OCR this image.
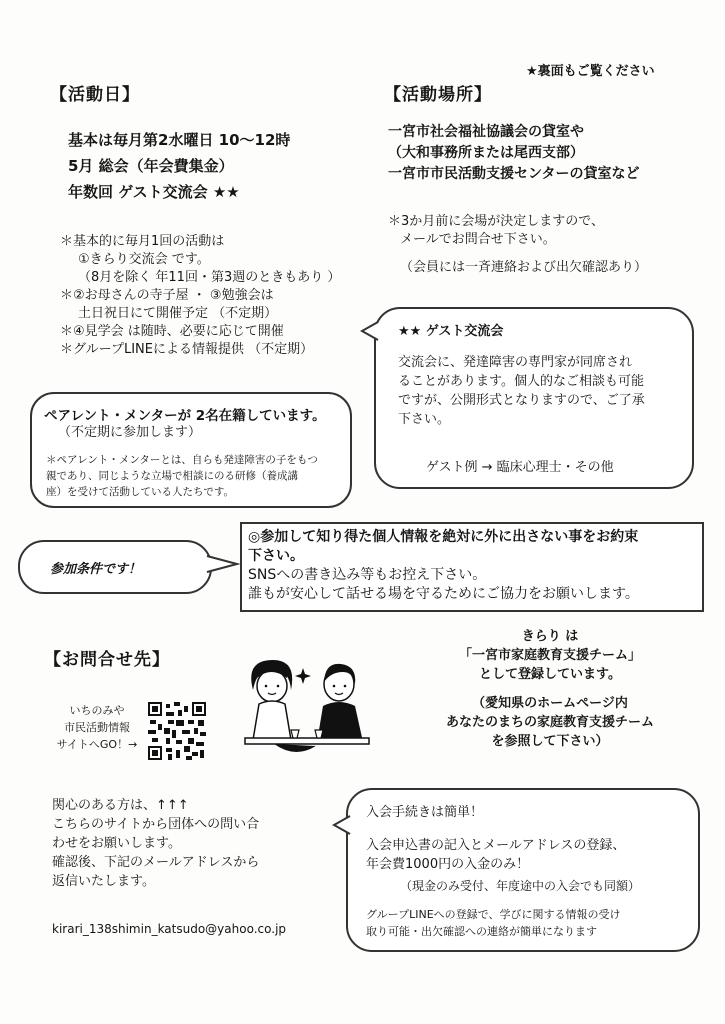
★裏面もご覧ください
【活動日】
基本は毎月第2水曜日 10～12時
5月 総会（年会費集金）
年数回 ゲスト交流会 ★★
＊基本的に毎月1回の活動は
①きらり交流会 です。
（8月を除く 年11回・第3週のときもあり ）
＊②お母さんの寺子屋 ・ ③勉強会は
土日祝日にて開催予定 （不定期）
＊④見学会 は随時、必要に応じて開催
＊グループLINEによる情報提供 （不定期）
【活動場所】
一宮市社会福祉協議会の貸室や
（大和事務所または尾西支部）
一宮市市民活動支援センターの貸室など
＊3か月前に会場が決定しますので、
メールでお問合せ下さい。
（会員には一斉連絡および出欠確認あり）
★★ ゲスト交流会
交流会に、発達障害の専門家が同席され
ることがあります。個人的なご相談も可能
ですが、公開形式となりますので、ご了承
下さい。
ゲスト例 → 臨床心理士・その他
ペアレント・メンターが 2名在籍しています。
（不定期に参加します）
＊ペアレント・メンターとは、自らも発達障害の子をもつ
親であり、同じような立場で相談にのる研修（養成講
座）を受けて活動している人たちです。
参加条件です！
◎参加して知り得た個人情報を絶対に外に出さない事をお約束
下さい。
SNSへの書き込み等もお控え下さい。
誰もが安心して話せる場を守るためにご協力をお願いします。
【お問合せ先】
いちのみや
市民活動情報
サイトへGO！→
関心のある方は、↑↑↑
こちらのサイトから団体への問い合
わせをお願いします。
確認後、下記のメールアドレスから
返信いたします。
kirari_138shimin_katsudo@yahoo.co.jp
きらり は
「一宮市家庭教育支援チーム」
として登録しています。
（愛知県のホームページ内
あなたのまちの家庭教育支援チーム
を参照して下さい）
入会手続きは簡単！
入会申込書の記入とメールアドレスの登録、
年会費1000円の入金のみ！
（現金のみ受付、年度途中の入会でも同額）
グループLINEへの登録で、学びに関する情報の受け
取り可能・出欠確認への連絡が簡単になります
